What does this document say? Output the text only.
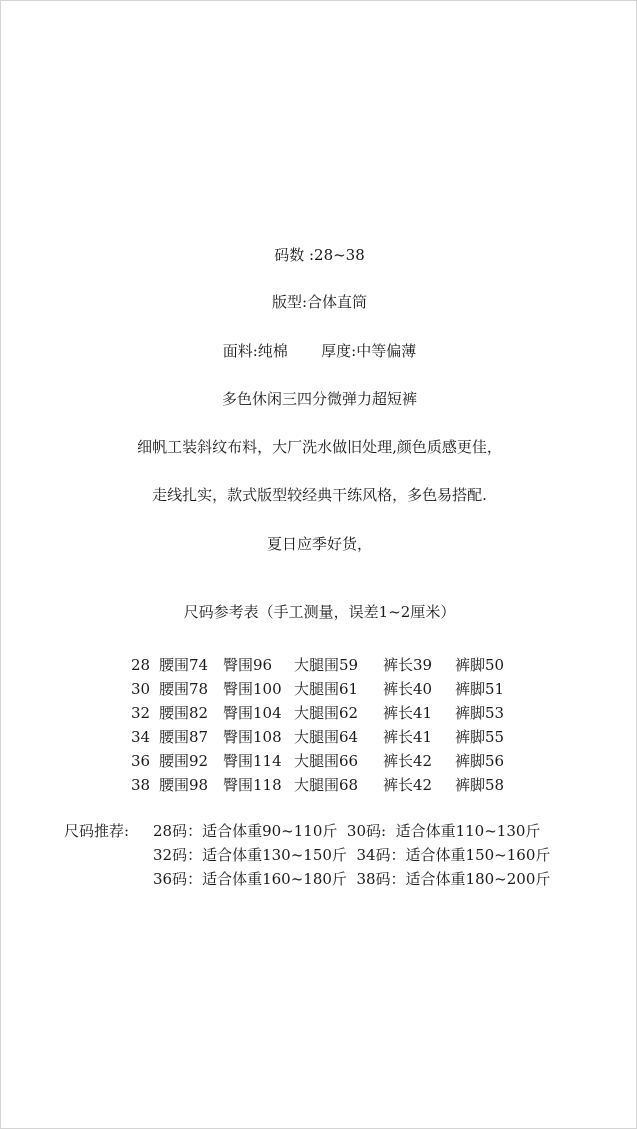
码数 :28~38
版型:合体直筒
面料:纯棉       厚度:中等偏薄
多色休闲三四分微弹力超短裤
细帆工装斜纹布料，大厂洗水做旧处理,颜色质感更佳，
走线扎实，款式版型较经典干练风格，多色易搭配.
夏日应季好货，
尺码参考表（手工测量，误差1~2厘米）
28	腰围74	臀围96	大腿围59	裤长39	裤脚50
30	腰围78	臀围100	大腿围61	裤长40	裤脚51
32	腰围82	臀围104	大腿围62	裤长41	裤脚53
34	腰围87	臀围108	大腿围64	裤长41	裤脚55
36	腰围92	臀围114	大腿围66	裤长42	裤脚56
38	腰围98	臀围118	大腿围68	裤长42	裤脚58
尺码推荐: 28码：适合体重90~110斤  30码:  适合体重110~130斤
32码：适合体重130~150斤  34码：适合体重150~160斤
36码：适合体重160~180斤  38码：适合体重180~200斤
